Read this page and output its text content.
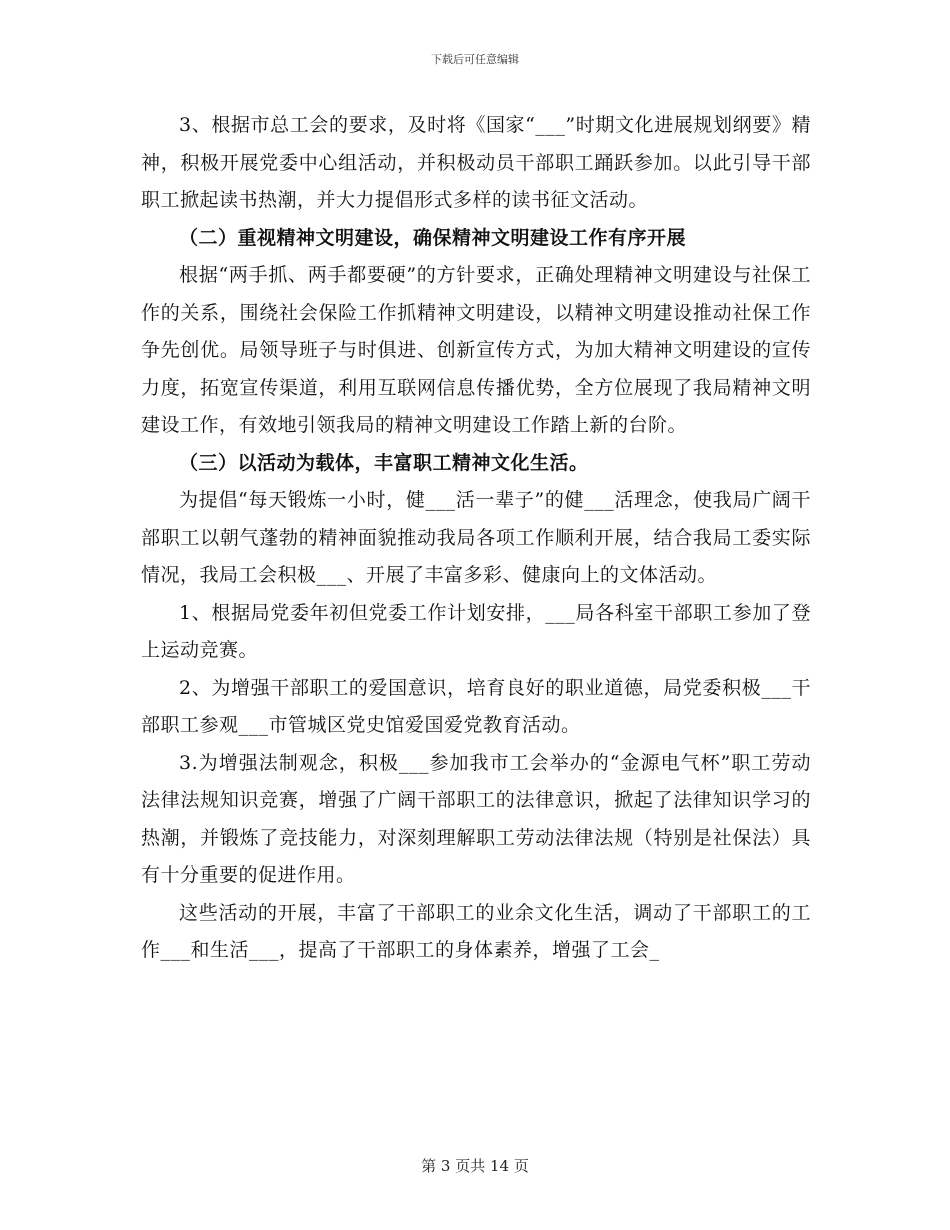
下载后可任意编辑

3、根据市总工会的要求，及时将《国家“___”时期文化进展规划纲要》精神，积极开展党委中心组活动，并积极动员干部职工踊跃参加。以此引导干部职工掀起读书热潮，并大力提倡形式多样的读书征文活动。

（二）重视精神文明建设，确保精神文明建设工作有序开展

根据“两手抓、两手都要硬”的方针要求，正确处理精神文明建设与社保工作的关系，围绕社会保险工作抓精神文明建设，以精神文明建设推动社保工作争先创优。局领导班子与时俱进、创新宣传方式，为加大精神文明建设的宣传力度，拓宽宣传渠道，利用互联网信息传播优势，全方位展现了我局精神文明建设工作，有效地引领我局的精神文明建设工作踏上新的台阶。

（三）以活动为载体，丰富职工精神文化生活。

为提倡“每天锻炼一小时，健___活一辈子”的健___活理念，使我局广阔干部职工以朝气蓬勃的精神面貌推动我局各项工作顺利开展，结合我局工委实际情况，我局工会积极___、开展了丰富多彩、健康向上的文体活动。

1、根据局党委年初但党委工作计划安排，___局各科室干部职工参加了登上运动竞赛。

2、为增强干部职工的爱国意识，培育良好的职业道德，局党委积极___干部职工参观___市管城区党史馆爱国爱党教育活动。

3.为增强法制观念，积极___参加我市工会举办的“金源电气杯”职工劳动法律法规知识竞赛，增强了广阔干部职工的法律意识，掀起了法律知识学习的热潮，并锻炼了竞技能力，对深刻理解职工劳动法律法规（特别是社保法）具有十分重要的促进作用。

这些活动的开展，丰富了干部职工的业余文化生活，调动了干部职工的工作___和生活___，提高了干部职工的身体素养，增强了工会_

第 3 页共 14 页
